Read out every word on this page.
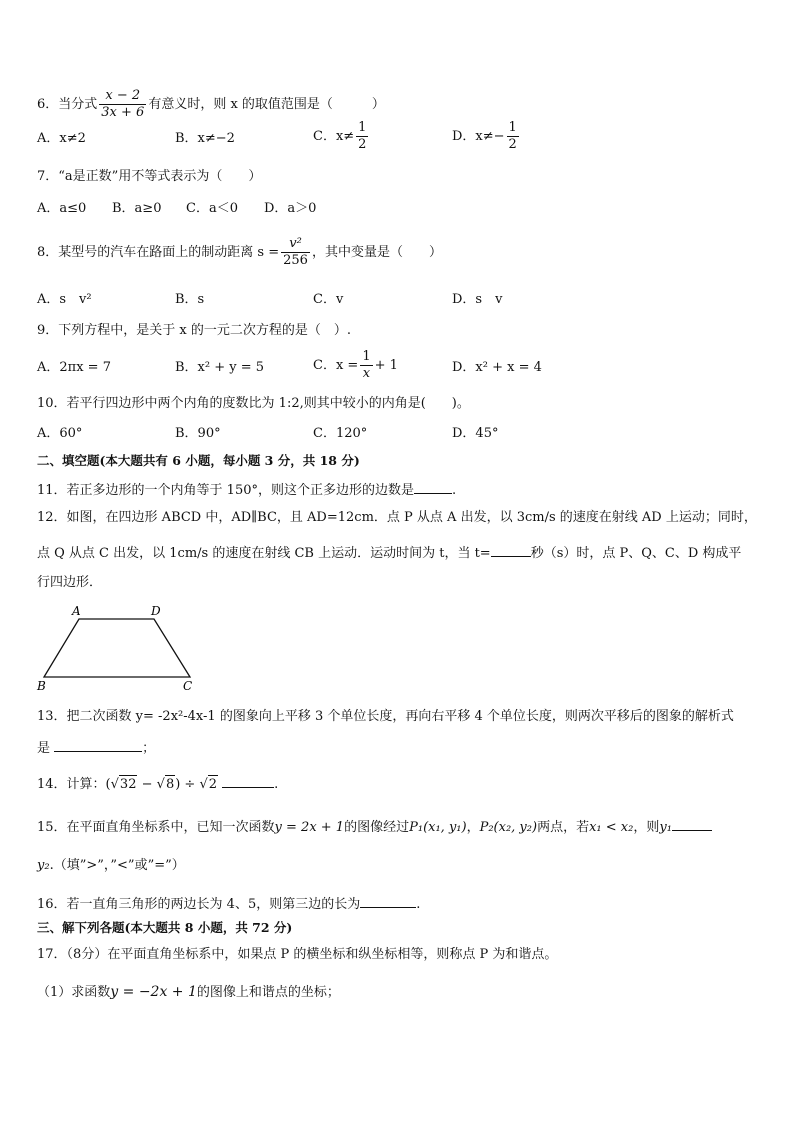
6．当分式 $\frac{x - 2}{3x + 6}$ 有意义时，则 x 的取值范围是（　　　）
A．x≠2	B．x≠−2	C．$x\ne \frac{1}{2}$	D．$x\ne- \frac{1}{2}$
7．“a是正数”用不等式表示为（　　）
A．a≤0 B．a≥0 C．a＜0 D．a＞0
8．某型号的汽车在路面上的制动距离 $s = \frac{\text{v²}}{256}$ ，其中变量是（　　）
A．s　v²	B．s	C．v	D．s　v
9．下列方程中，是关于 x 的一元二次方程的是（　）.
A．2πx = 7	B．x² + y = 5	C．$x = \frac{1}{x} + 1$	D．x² + x = 4
10．若平行四边形中两个内角的度数比为 1:2,则其中较小的内角是(　　)。
A．60°	B．90°	C．120°	D．45°
二、填空题(本大题共有 6 小题，每小题 3 分，共 18 分)
11．若正多边形的一个内角等于 150°，则这个正多边形的边数是	.
12．如图，在四边形 ABCD 中，AD∥BC，且 AD=12cm．点 P 从点 A 出发，以 3cm/s 的速度在射线 AD 上运动；同时，
点 Q 从点 C 出发，以 1cm/s 的速度在射线 CB 上运动．运动时间为 t，当 t=	秒（s）时，点 P、Q、C、D 构成平
行四边形．
A	D
B	C
13．把二次函数 y= -2x²-4x-1 的图象向上平移 3 个单位长度，再向右平移 4 个单位长度，则两次平移后的图象的解析式
是	；
14．计算：(√32 − √8) ÷ √2	.
15．在平面直角坐标系中，已知一次函数y = 2x + 1的图像经过P₁(x₁, y₁)，P₂(x₂, y₂)两点，若x₁ < x₂，则y₁
y₂.（填”>”，”<”或”=”）
16．若一直角三角形的两边长为 4、5，则第三边的长为	.
三、解下列各题(本大题共 8 小题，共 72 分)
17．（8分）在平面直角坐标系中，如果点 P 的横坐标和纵坐标相等，则称点 P 为和谐点。
（1）求函数y = −2x + 1的图像上和谐点的坐标；
